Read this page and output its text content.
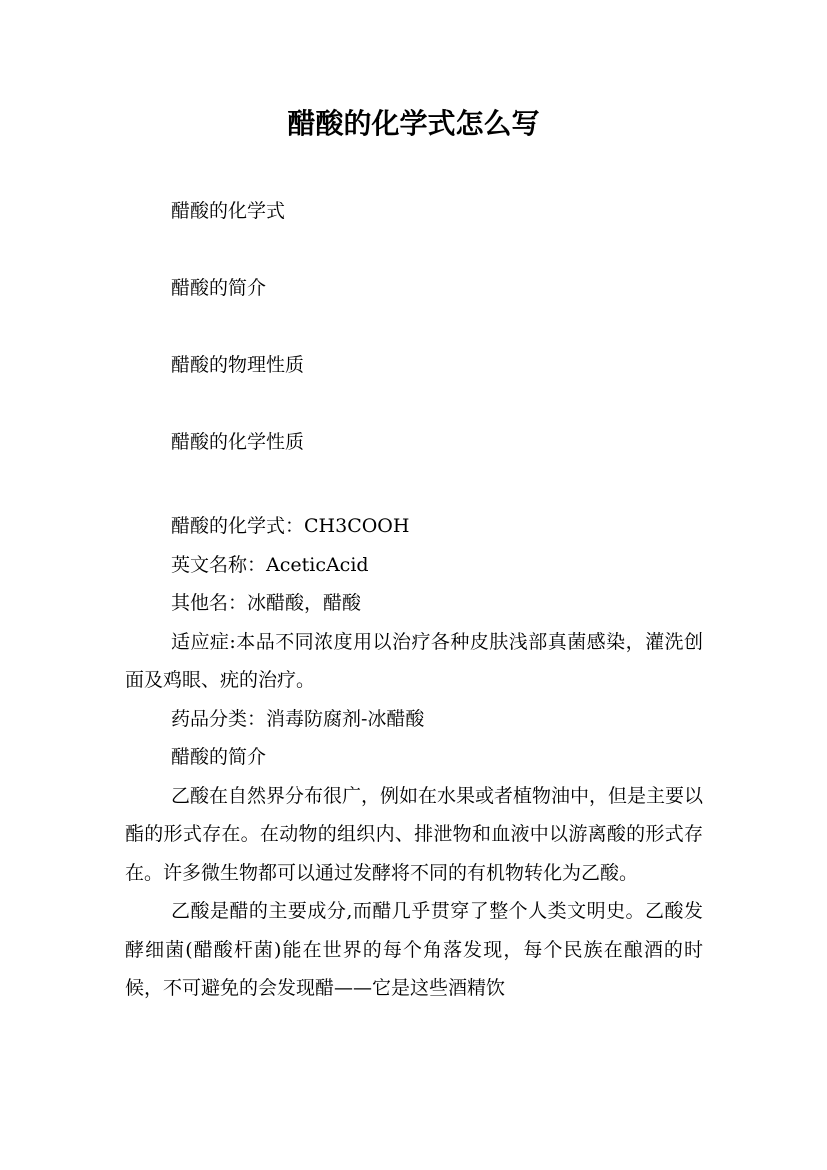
醋酸的化学式怎么写
醋酸的化学式
醋酸的简介
醋酸的物理性质
醋酸的化学性质
醋酸的化学式：CH3COOH
英文名称：AceticAcid
其他名：冰醋酸，醋酸

适应症:本品不同浓度用以治疗各种皮肤浅部真菌感染，灌洗创面及鸡眼、疣的治疗。

药品分类：消毒防腐剂-冰醋酸
醋酸的简介

乙酸在自然界分布很广，例如在水果或者植物油中，但是主要以酯的形式存在。在动物的组织内、排泄物和血液中以游离酸的形式存在。许多微生物都可以通过发酵将不同的有机物转化为乙酸。

乙酸是醋的主要成分,而醋几乎贯穿了整个人类文明史。乙酸发酵细菌(醋酸杆菌)能在世界的每个角落发现，每个民族在酿酒的时候，不可避免的会发现醋——它是这些酒精饮
